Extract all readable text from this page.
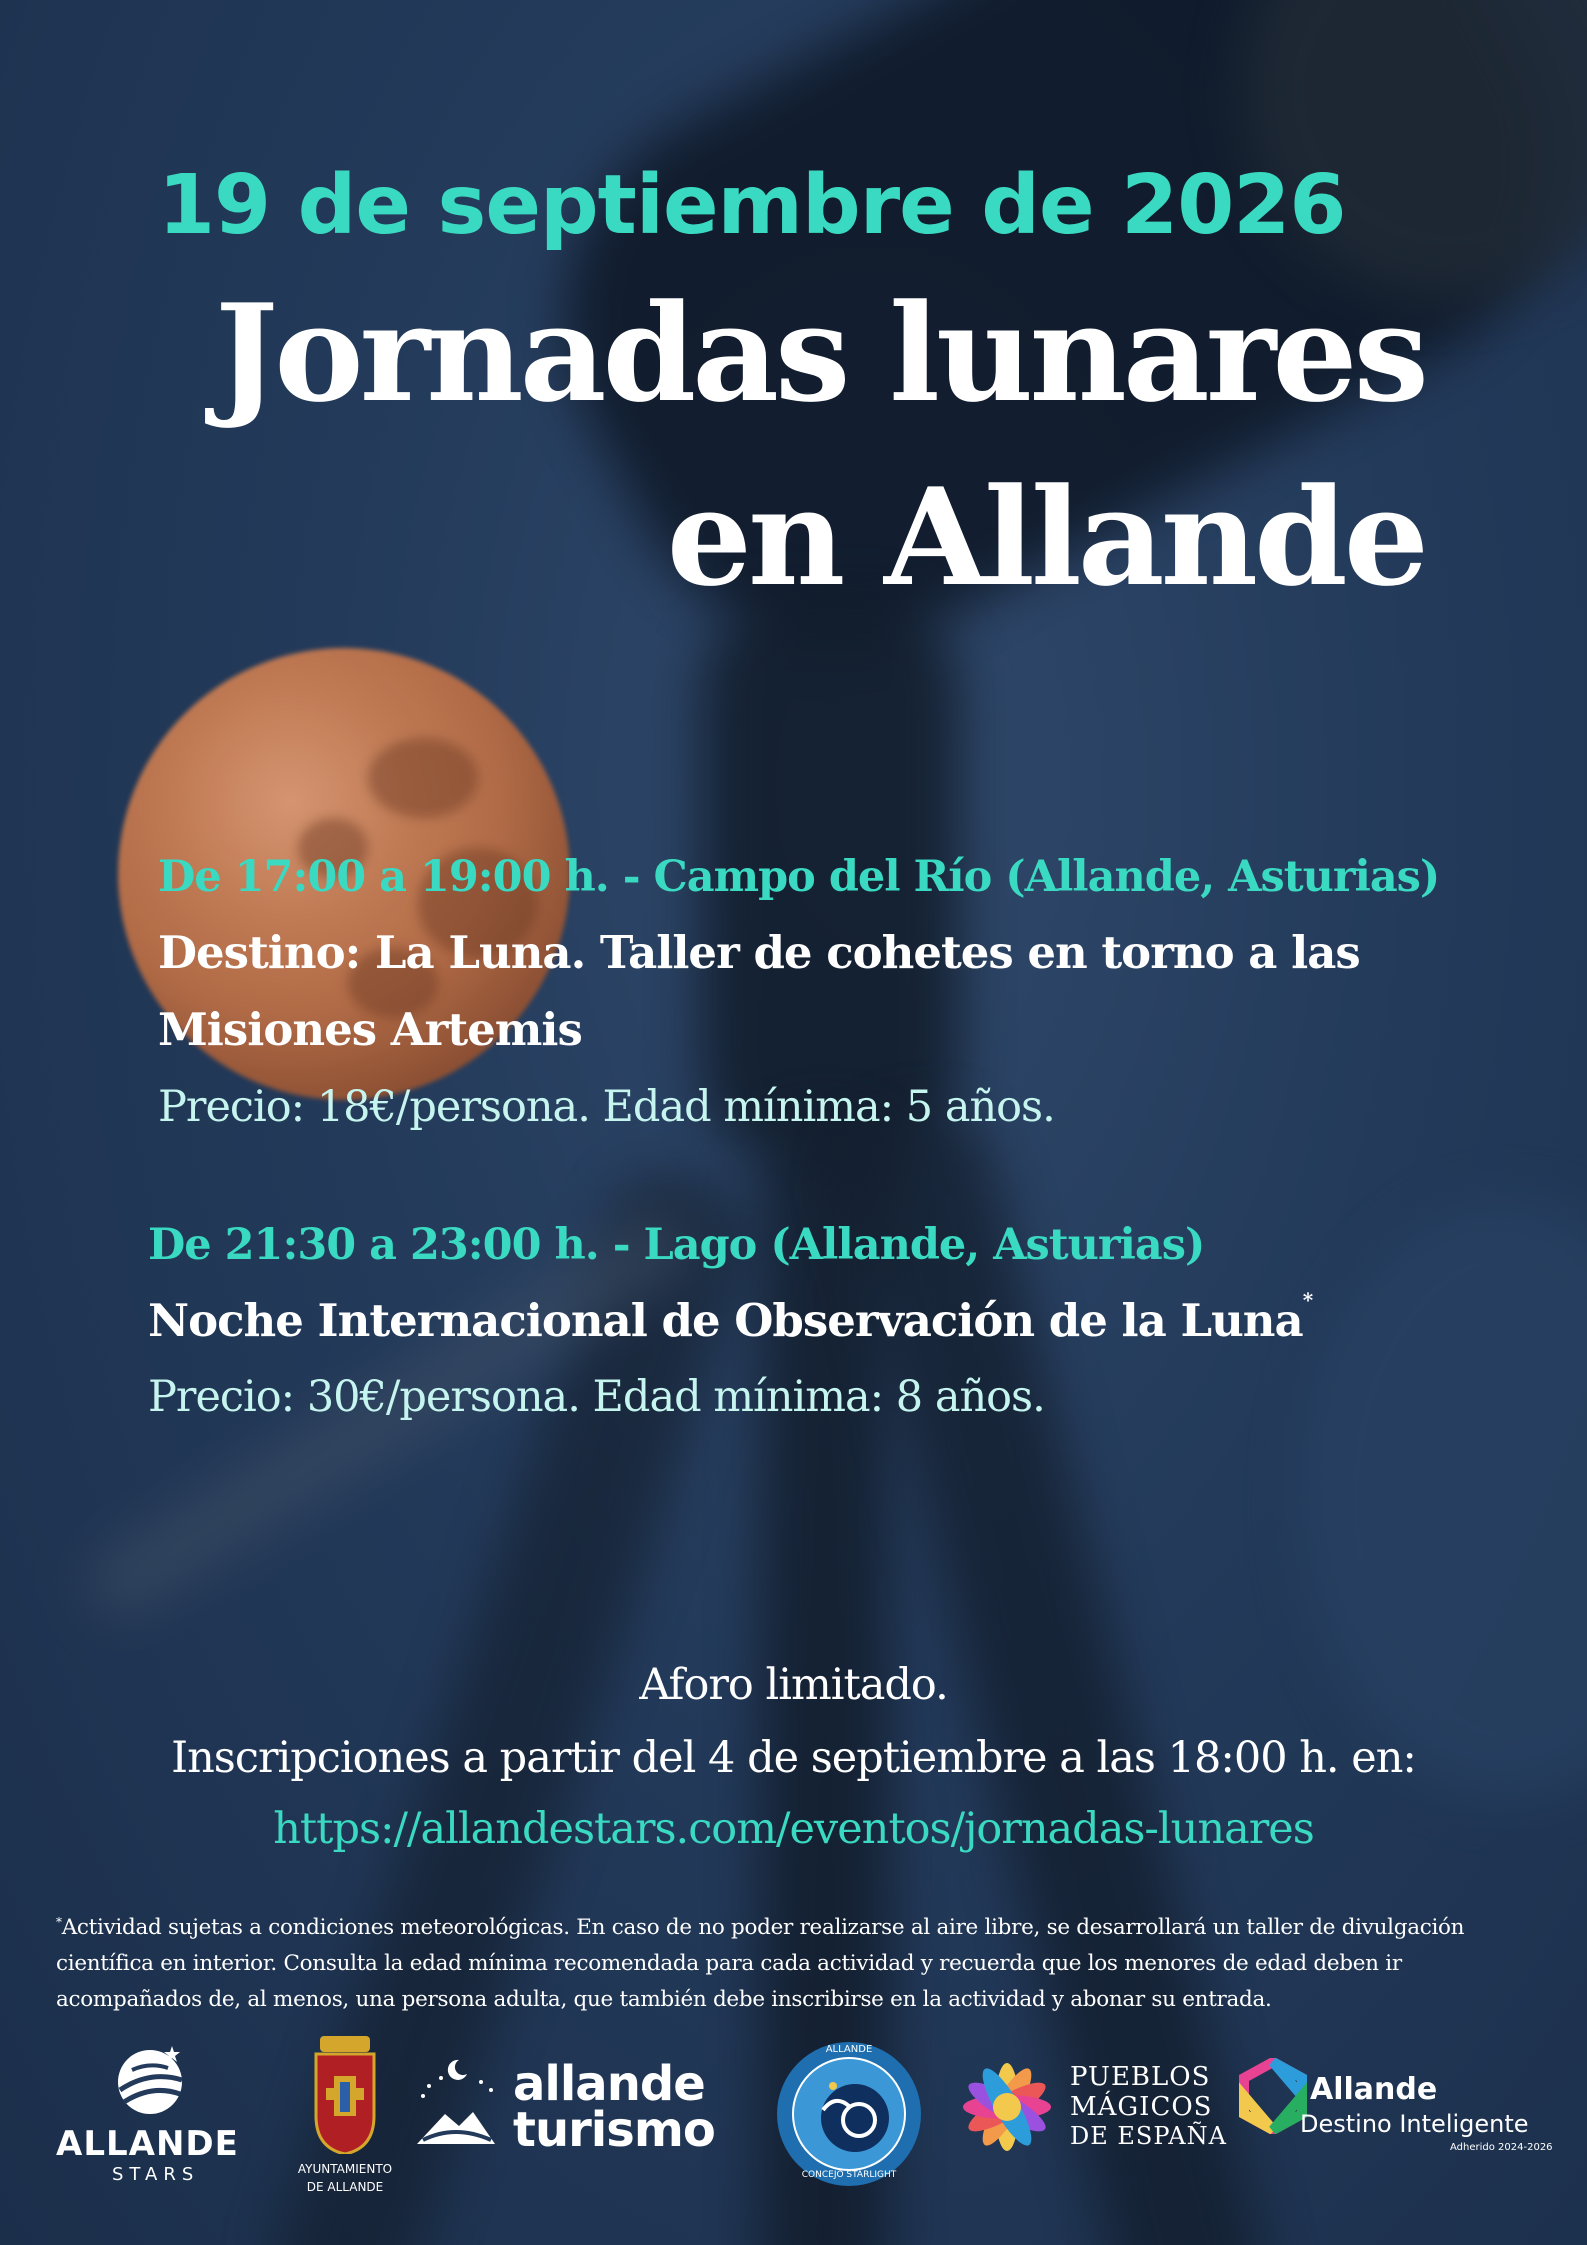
19 de septiembre de 2026
Jornadas lunares
en Allande
De 17:00 a 19:00 h. - Campo del Río (Allande, Asturias)
Destino: La Luna. Taller de cohetes en torno a las
Misiones Artemis
Precio: 18€/persona. Edad mínima: 5 años.
De 21:30 a 23:00 h. - Lago (Allande, Asturias)
Noche Internacional de Observación de la Luna*
Precio: 30€/persona. Edad mínima: 8 años.
Aforo limitado.
Inscripciones a partir del 4 de septiembre a las 18:00 h. en:
https://allandestars.com/eventos/jornadas-lunares
*Actividad sujetas a condiciones meteorológicas. En caso de no poder realizarse al aire libre, se desarrollará un taller de divulgación
científica en interior. Consulta la edad mínima recomendada para cada actividad y recuerda que los menores de edad deben ir
acompañados de, al menos, una persona adulta, que también debe inscribirse en la actividad y abonar su entrada.
ALLANDE
STARS	AYUNTAMIENTO
DE ALLANDE
allande
turismo
ALLANDE
CONCEJO STARLIGHT
PUEBLOS
MÁGICOS
DE ESPAÑA
Allande
Destino Inteligente
Adherido 2024-2026
